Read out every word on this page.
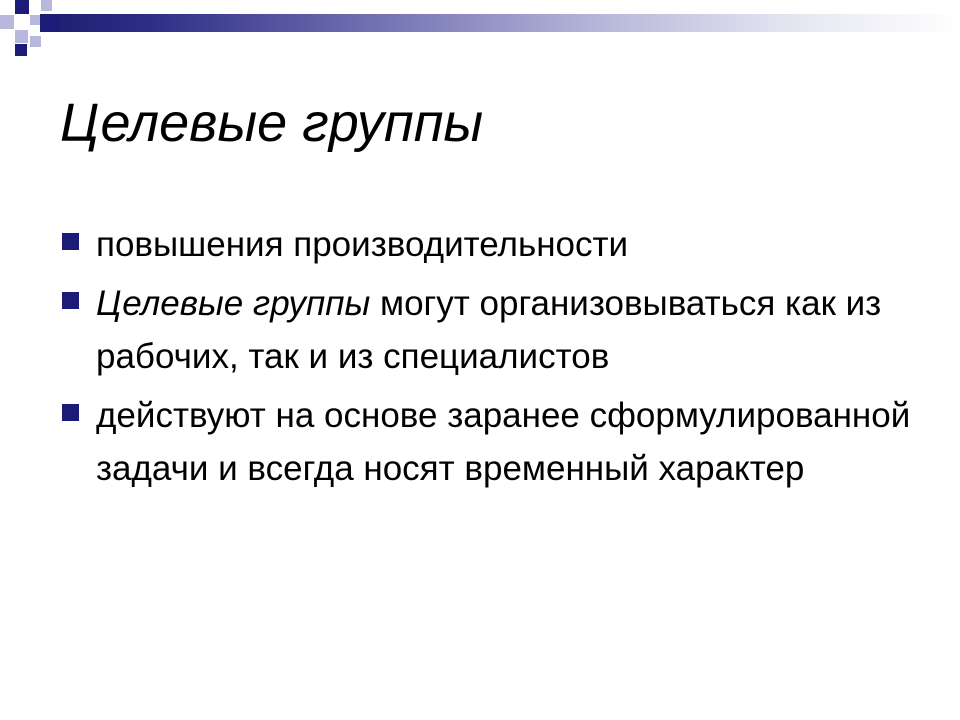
Целевые группы
повышения производительности
Целевые группы могут организовываться как из рабочих, так и из специалистов
действуют на основе заранее сформулированной задачи и всегда носят временный характер
